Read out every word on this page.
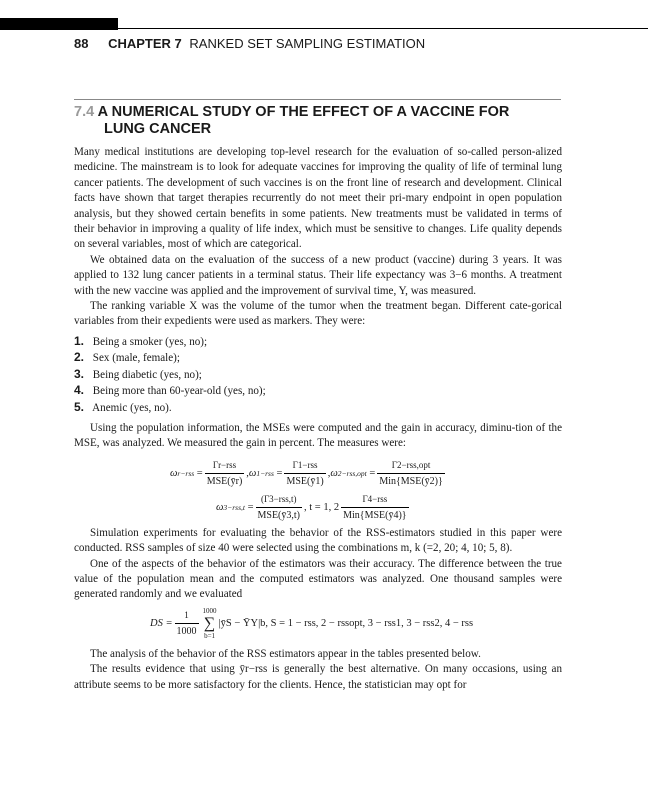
88 CHAPTER 7 RANKED SET SAMPLING ESTIMATION
7.4 A NUMERICAL STUDY OF THE EFFECT OF A VACCINE FOR
LUNG CANCER

Many medical institutions are developing top-level research for the evaluation of so-called person-alized medicine. The mainstream is to look for adequate vaccines for improving the quality of life of terminal lung cancer patients. The development of such vaccines is on the front line of research and development. Clinical facts have shown that target therapies recurrently do not meet their pri-mary endpoint in open population analysis, but they showed certain benefits in some patients. New treatments must be validated in terms of their behavior in improving a quality of life index, which must be sensitive to changes. Life quality depends on several variables, most of which are categorical.

We obtained data on the evaluation of the success of a new product (vaccine) during 3 years. It was applied to 132 lung cancer patients in a terminal status. Their life expectancy was 3−6 months. A treatment with the new vaccine was applied and the improvement of survival time, Y, was measured.

The ranking variable X was the volume of the tumor when the treatment began. Different cate-gorical variables from their expedients were used as markers. They were:

1. Being a smoker (yes, no);
2. Sex (male, female);
3. Being diabetic (yes, no);
4. Being more than 60-year-old (yes, no);
5. Anemic (yes, no).

Using the population information, the MSEs were computed and the gain in accuracy, diminu-tion of the MSE, was analyzed. We measured the gain in percent. The measures were:

ω $r-rss = \frac{\text{Γr−rss}}{\text{MSE(ȳr)}}$ , ω $1-rss = \frac{\text{Γ1−rss}}{\text{MSE(ȳ1)}}$ , ω $2-rss,opt = \frac{\text{Γ2−rss,opt}}{\text{Min\{MSE(ȳ2)\}}}$
ω $3-rss,t = \frac{\text{(Γ3−rss,t)}}{\text{MSE(ȳ3,t)}}$ , t = 1, $2 \frac{\text{Γ4−rss}}{\text{Min\{MSE(ȳ4)\}}}$

Simulation experiments for evaluating the behavior of the RSS-estimators studied in this paper were conducted. RSS samples of size 40 were selected using the combinations m, k (=2, 20; 4, 10; 5, 8).

One of the aspects of the behavior of the estimators was their accuracy. The difference between the true value of the population mean and the computed estimators was analyzed. One thousand samples were generated randomly and we evaluated

DS = $\frac{1}{1000} 1000$
∑
b=1
|ȳS − ȲY|b, S = 1 − rss, 2 − rssopt, 3 − rss1, 3 − rss2, 4 − rss

The analysis of the behavior of the RSS estimators appear in the tables presented below.

The results evidence that using ȳr−rss is generally the best alternative. On many occasions, using an attribute seems to be more satisfactory for the clients. Hence, the statistician may opt for
